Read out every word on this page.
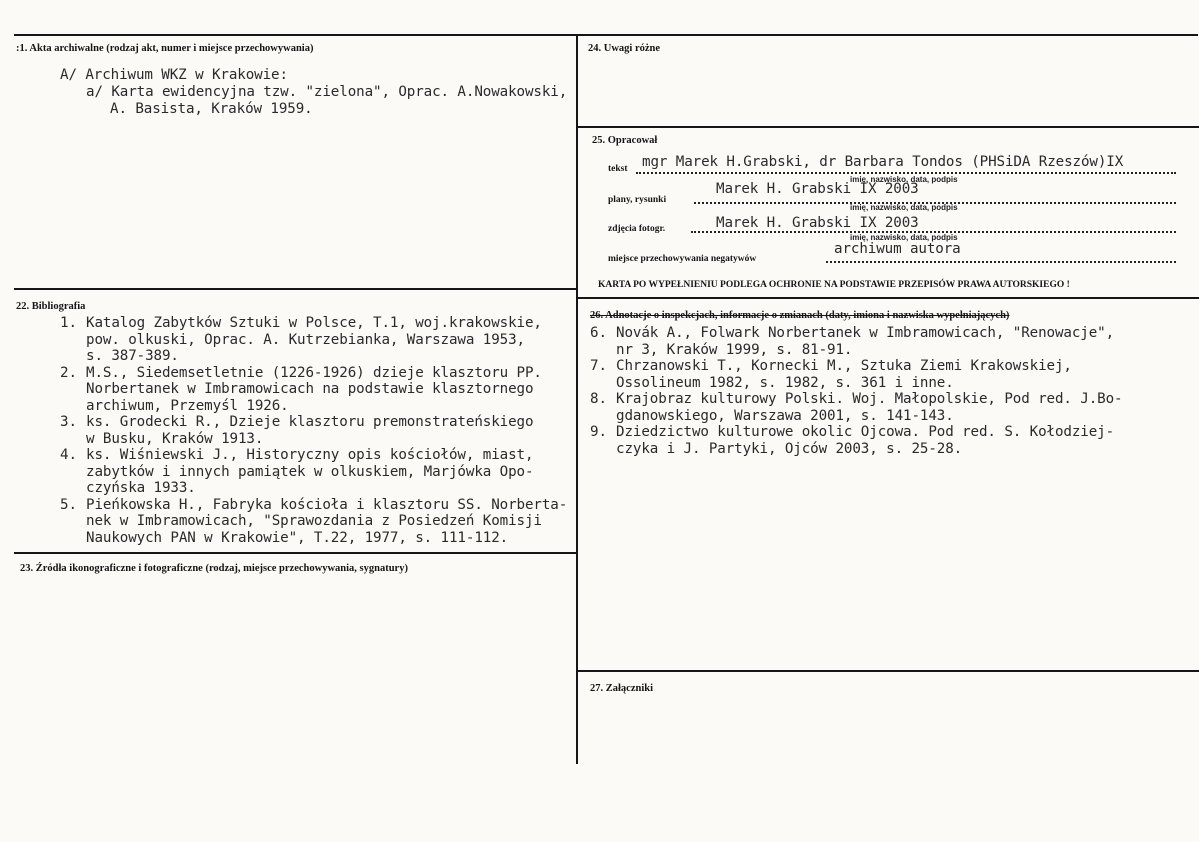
:1. Akta archiwalne (rodzaj akt, numer i miejsce przechowywania)
A/ Archiwum WKZ w Krakowie:
a/ Karta ewidencyjna tzw. "zielona", Oprac. A.Nowakowski,
A. Basista, Kraków 1959.
22. Bibliografia
1. Katalog Zabytków Sztuki w Polsce, T.1, woj.krakowskie,
pow. olkuski, Oprac. A. Kutrzebianka, Warszawa 1953,
s. 387-389.
2. M.S., Siedemsetletnie (1226-1926) dzieje klasztoru PP.
Norbertanek w Imbramowicach na podstawie klasztornego
archiwum, Przemyśl 1926.
3. ks. Grodecki R., Dzieje klasztoru premonstrateńskiego
w Busku, Kraków 1913.
4. ks. Wiśniewski J., Historyczny opis kościołów, miast,
zabytków i innych pamiątek w olkuskiem, Marjówka Opo-
czyńska 1933.
5. Pieńkowska H., Fabryka kościoła i klasztoru SS. Norberta-
nek w Imbramowicach, "Sprawozdania z Posiedzeń Komisji
Naukowych PAN w Krakowie", T.22, 1977, s. 111-112.
23. Źródła ikonograficzne i fotograficzne (rodzaj, miejsce przechowywania, sygnatury)
24. Uwagi różne
25. Opracował
tekst mgr Marek H.Grabski, dr Barbara Tondos (PHSiDA Rzeszów)IX
imię, nazwisko, data, podpis
plany, rysunki
Marek H. Grabski IX 2003
imię, nazwisko, data, podpis
zdjęcia fotogr.	Marek H. Grabski IX 2003
imię, nazwisko, data, podpis
miejsce przechowywania negatywów
archiwum autora
KARTA PO WYPEŁNIENIU PODLEGA OCHRONIE NA PODSTAWIE PRZEPISÓW PRAWA AUTORSKIEGO !
26. Adnotacje o inspekcjach, informacje o zmianach (daty, imiona i nazwiska wypełniających)
6. Novák A., Folwark Norbertanek w Imbramowicach, "Renowacje",
nr 3, Kraków 1999, s. 81-91.
7. Chrzanowski T., Kornecki M., Sztuka Ziemi Krakowskiej,
Ossolineum 1982, s. 1982, s. 361 i inne.
8. Krajobraz kulturowy Polski. Woj. Małopolskie, Pod red. J.Bo-
gdanowskiego, Warszawa 2001, s. 141-143.
9. Dziedzictwo kulturowe okolic Ojcowa. Pod red. S. Kołodziej-
czyka i J. Partyki, Ojców 2003, s. 25-28.
27. Załączniki
